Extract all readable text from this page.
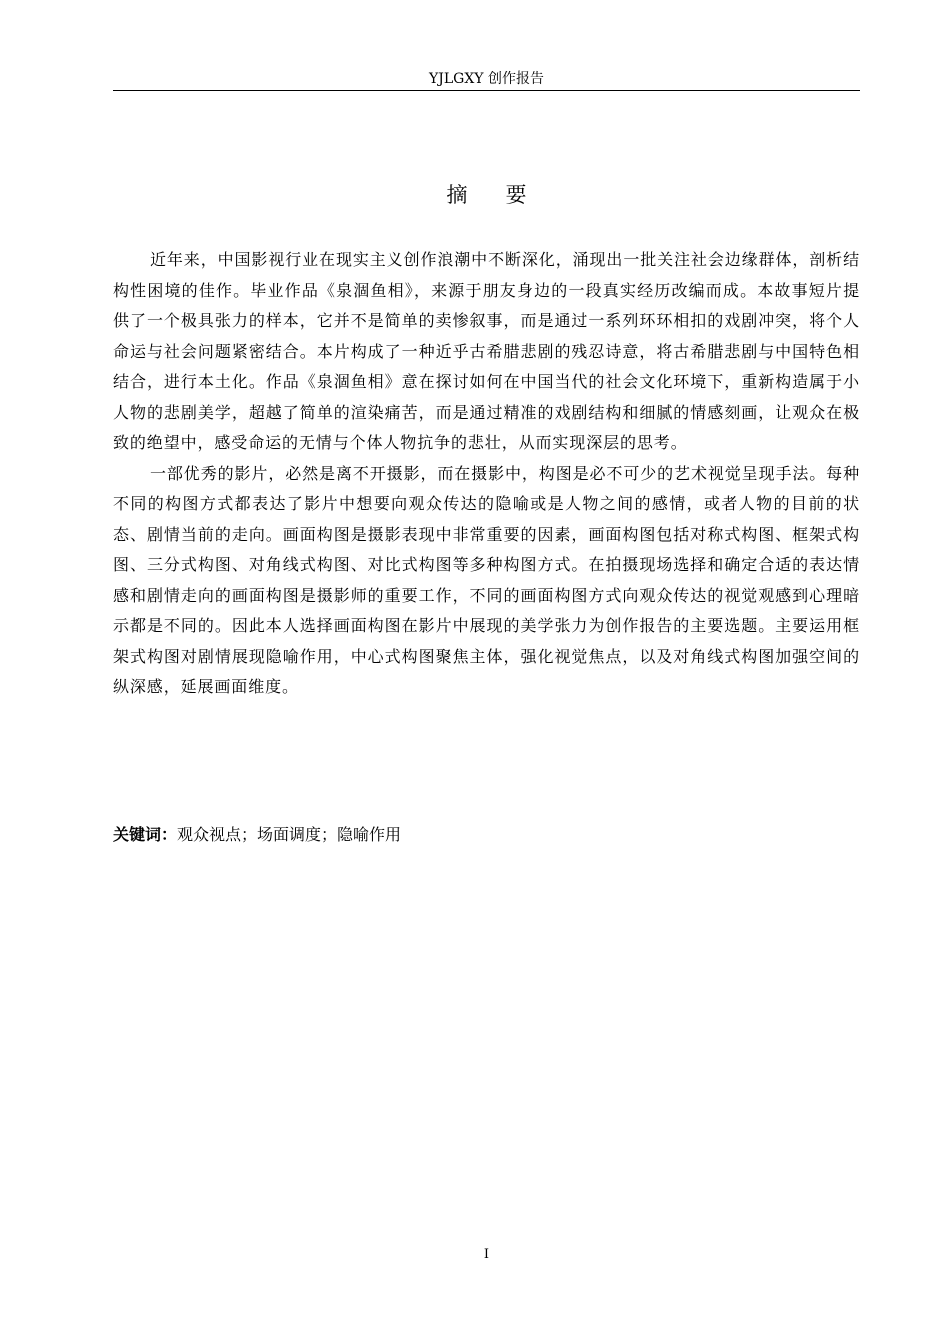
YJLGXY 创作报告
摘要

近年来，中国影视行业在现实主义创作浪潮中不断深化，涌现出一批关注社会边缘群体，剖析结构性困境的佳作。毕业作品《泉涸鱼相》，来源于朋友身边的一段真实经历改编而成。本故事短片提供了一个极具张力的样本，它并不是简单的卖惨叙事，而是通过一系列环环相扣的戏剧冲突，将个人命运与社会问题紧密结合。本片构成了一种近乎古希腊悲剧的残忍诗意，将古希腊悲剧与中国特色相结合，进行本土化。作品《泉涸鱼相》意在探讨如何在中国当代的社会文化环境下，重新构造属于小人物的悲剧美学，超越了简单的渲染痛苦，而是通过精准的戏剧结构和细腻的情感刻画，让观众在极致的绝望中，感受命运的无情与个体人物抗争的悲壮，从而实现深层的思考。

一部优秀的影片，必然是离不开摄影，而在摄影中，构图是必不可少的艺术视觉呈现手法。每种不同的构图方式都表达了影片中想要向观众传达的隐喻或是人物之间的感情，或者人物的目前的状态、剧情当前的走向。画面构图是摄影表现中非常重要的因素，画面构图包括对称式构图、框架式构图、三分式构图、对角线式构图、对比式构图等多种构图方式。在拍摄现场选择和确定合适的表达情感和剧情走向的画面构图是摄影师的重要工作，不同的画面构图方式向观众传达的视觉观感到心理暗示都是不同的。因此本人选择画面构图在影片中展现的美学张力为创作报告的主要选题。主要运用框架式构图对剧情展现隐喻作用，中心式构图聚焦主体，强化视觉焦点，以及对角线式构图加强空间的纵深感，延展画面维度。

关键词：观众视点；场面调度；隐喻作用
I
